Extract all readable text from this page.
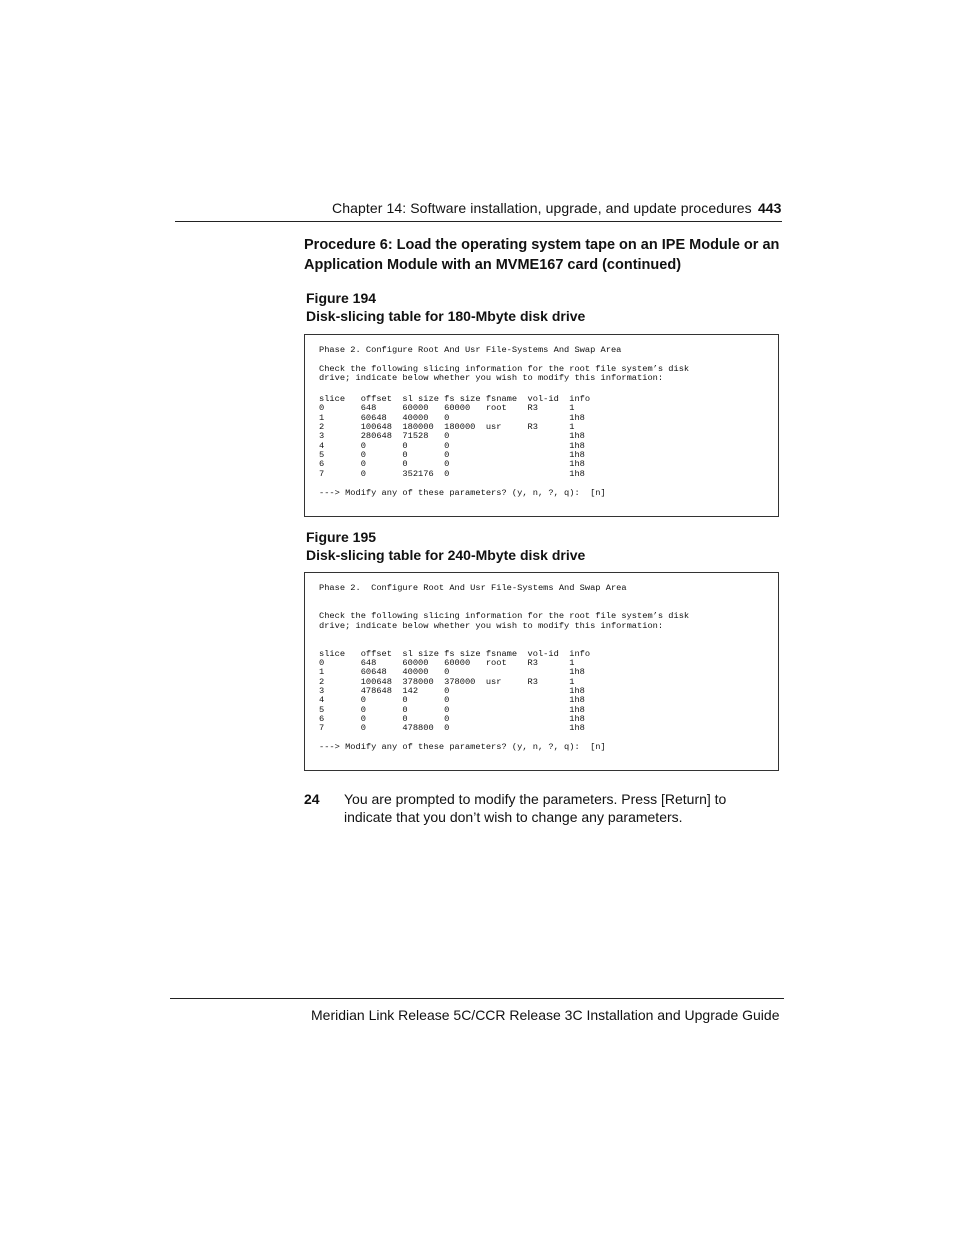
Chapter 14: Software installation, upgrade, and update procedures 443
Procedure 6: Load the operating system tape on an IPE Module or an
Application Module with an MVME167 card (continued)
Figure 194
Disk-slicing table for 180-Mbyte disk drive
Phase 2. Configure Root And Usr File-Systems And Swap Area
Check the following slicing information for the root file system’s disk
drive; indicate below whether you wish to modify this information:
slice   offset  sl size fs size fsname  vol-id  info
0       648     60000   60000   root    R3      1
1       60648   40000   0                       1h8
2       100648  180000  180000  usr     R3      1
3       280648  71528   0                       1h8
4       0       0       0                       1h8
5       0       0       0                       1h8
6       0       0       0                       1h8
7       0       352176  0                       1h8
---> Modify any of these parameters? (y, n, ?, q):  [n]
Figure 195
Disk-slicing table for 240-Mbyte disk drive
Phase 2.  Configure Root And Usr File-Systems And Swap Area
Check the following slicing information for the root file system’s disk
drive; indicate below whether you wish to modify this information:
slice   offset  sl size fs size fsname  vol-id  info
0       648     60000   60000   root    R3      1
1       60648   40000   0                       1h8
2       100648  378000  378000  usr     R3      1
3       478648  142     0                       1h8
4       0       0       0                       1h8
5       0       0       0                       1h8
6       0       0       0                       1h8
7       0       478800  0                       1h8
---> Modify any of these parameters? (y, n, ?, q):  [n]
24 You are prompted to modify the parameters. Press [Return] to
indicate that you don’t wish to change any parameters.
Meridian Link Release 5C/CCR Release 3C Installation and Upgrade Guide
